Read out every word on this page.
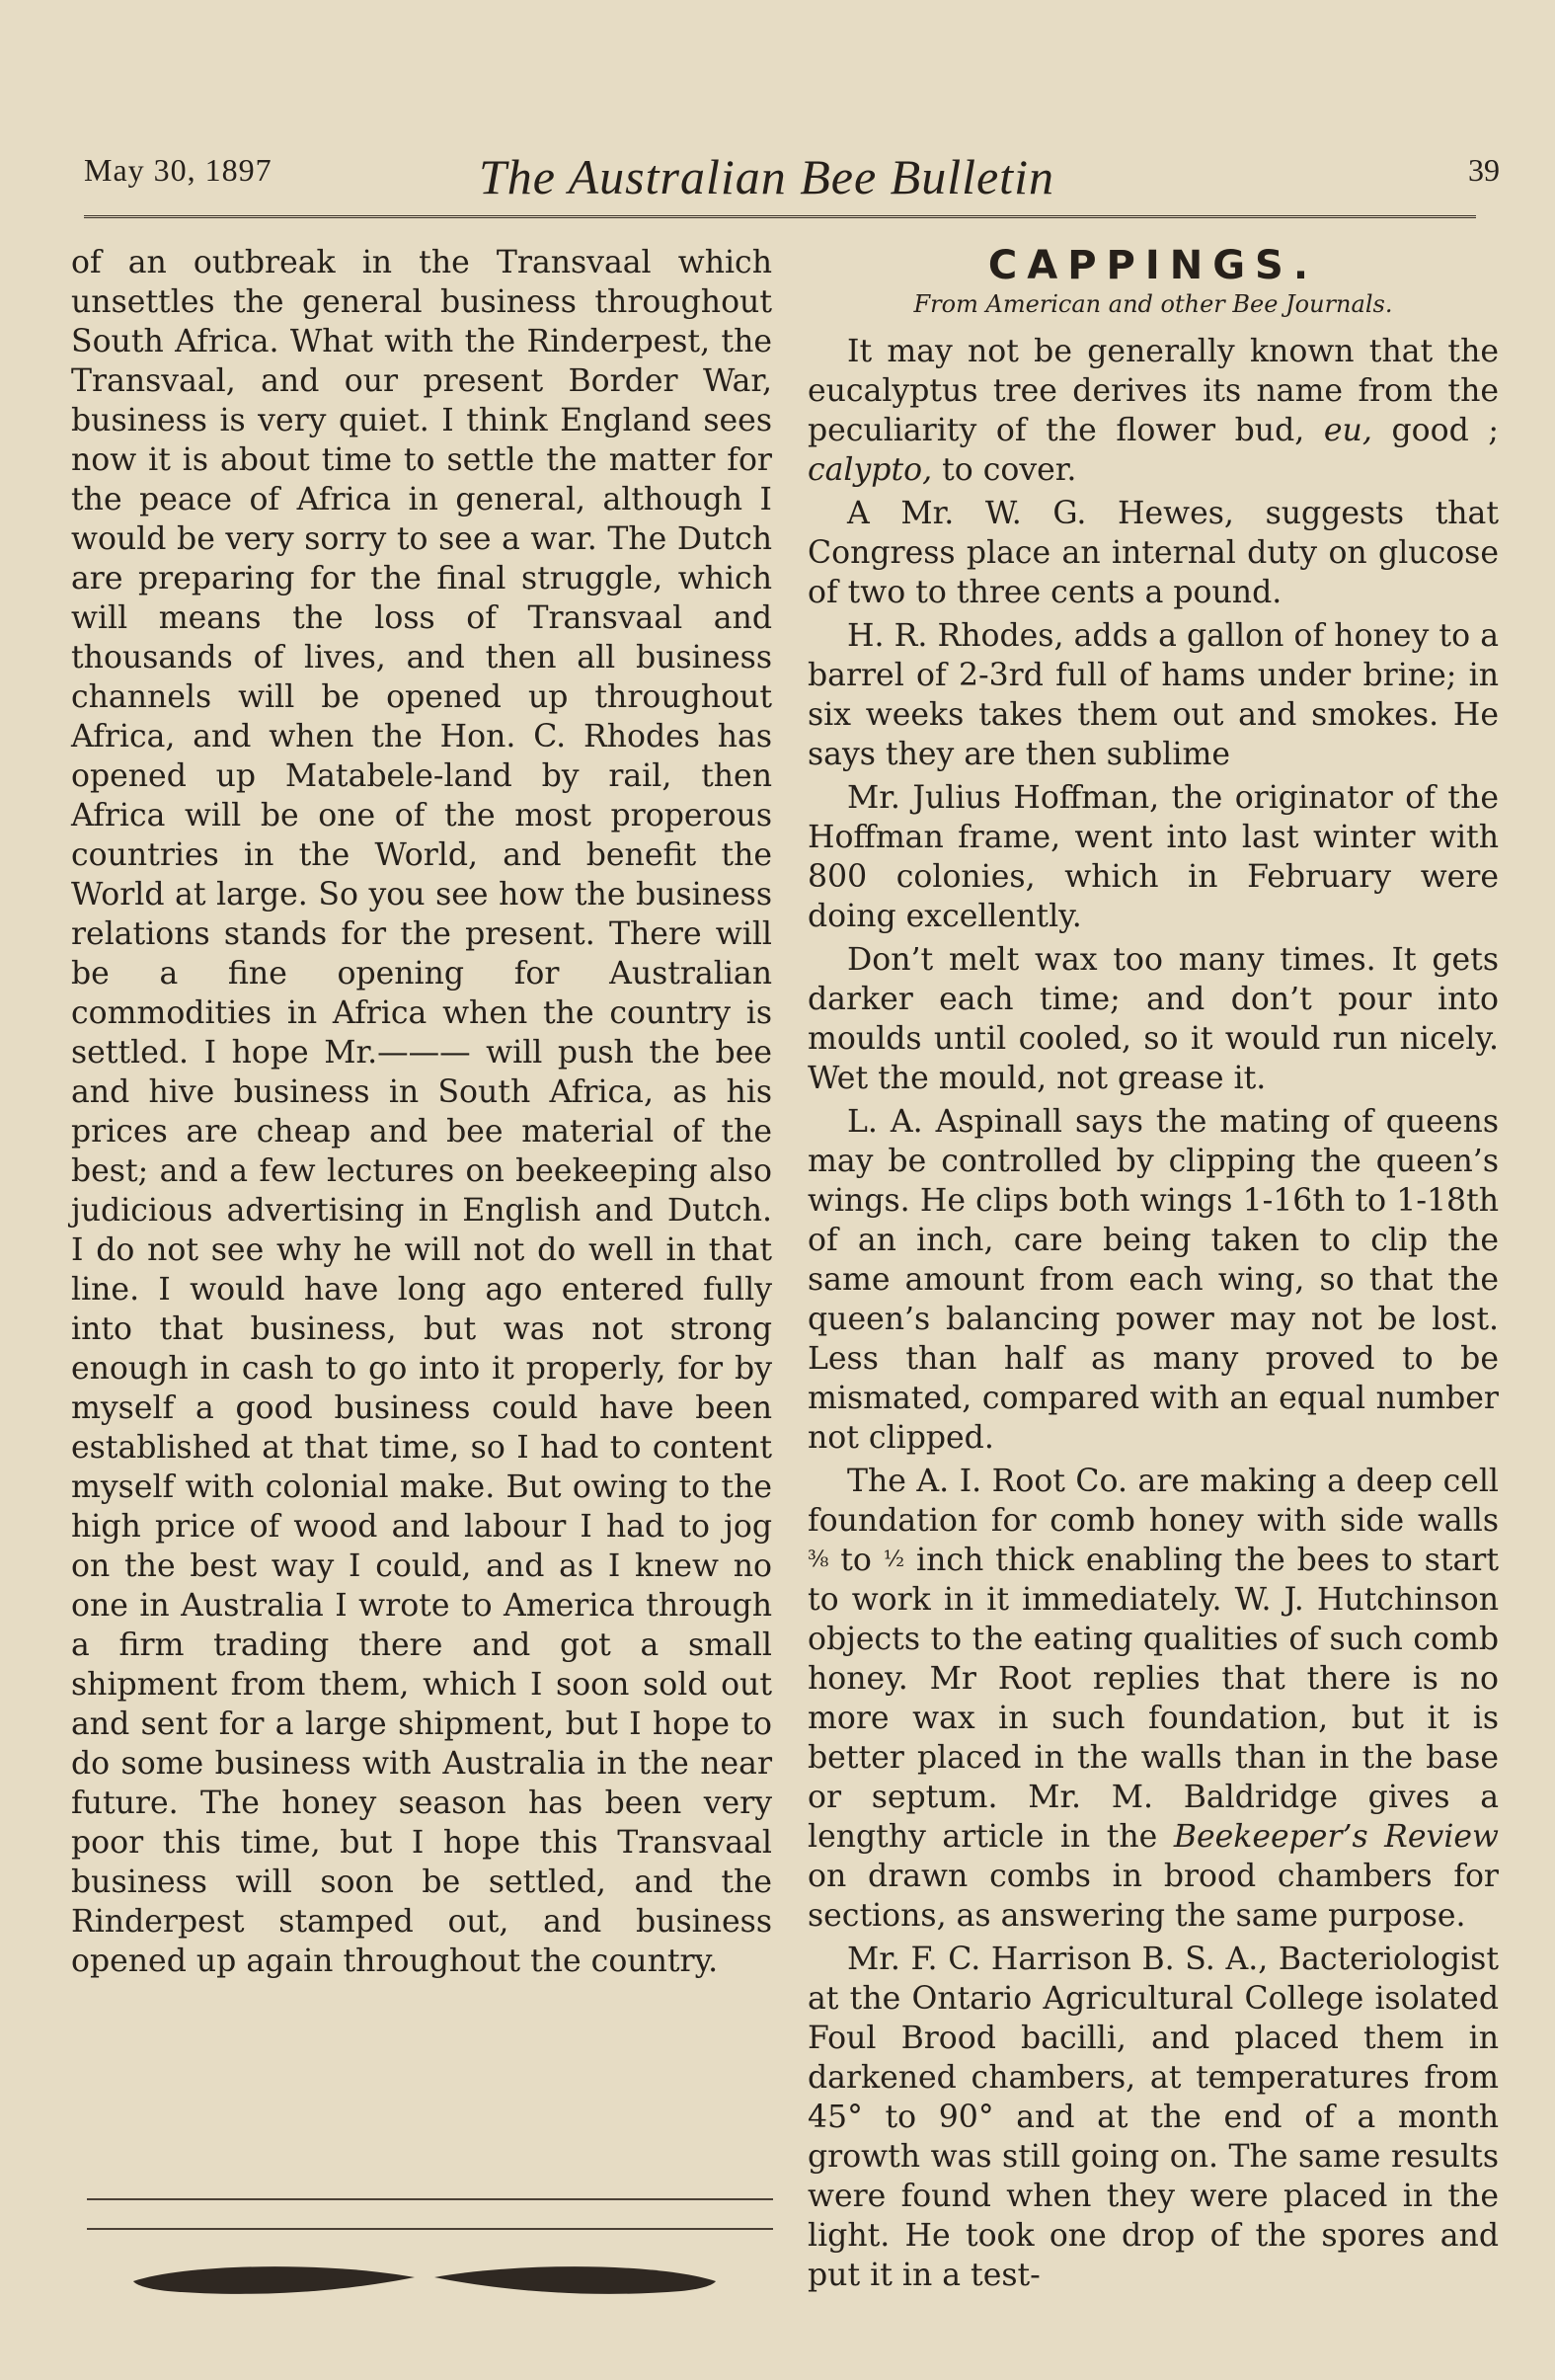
May 30, 1897	The Australian Bee Bulletin	39

of an outbreak in the Transvaal which unsettles the general business throughout South Africa. What with the Rinderpest, the Transvaal, and our present Border War, business is very quiet. I think England sees now it is about time to settle the matter for the peace of Africa in general, although I would be very sorry to see a war. The Dutch are preparing for the final struggle, which will means the loss of Transvaal and thousands of lives, and then all business channels will be opened up throughout Africa, and when the Hon. C. Rhodes has opened up Matabele-land by rail, then Africa will be one of the most properous countries in the World, and benefit the World at large. So you see how the business relations stands for the present. There will be a fine opening for Australian commodities in Africa when the country is settled. I hope Mr.——— will push the bee and hive business in South Africa, as his prices are cheap and bee material of the best; and a few lectures on beekeeping also judicious advertising in English and Dutch. I do not see why he will not do well in that line. I would have long ago entered fully into that business, but was not strong enough in cash to go into it properly, for by myself a good business could have been established at that time, so I had to content myself with colonial make. But owing to the high price of wood and labour I had to jog on the best way I could, and as I knew no one in Australia I wrote to America through a firm trading there and got a small shipment from them, which I soon sold out and sent for a large shipment, but I hope to do some business with Australia in the near future. The honey season has been very poor this time, but I hope this Transvaal business will soon be settled, and the Rinderpest stamped out, and business opened up again throughout the country.

CAPPINGS.
From American and other Bee Journals.

It may not be generally known that the eucalyptus tree derives its name from the peculiarity of the flower bud, eu, good ; calypto, to cover.

A Mr. W. G. Hewes, suggests that Congress place an internal duty on glucose of two to three cents a pound.

H. R. Rhodes, adds a gallon of honey to a barrel of 2-3rd full of hams under brine; in six weeks takes them out and smokes. He says they are then sublime

Mr. Julius Hoffman, the originator of the Hoffman frame, went into last winter with 800 colonies, which in February were doing excellently.

Don’t melt wax too many times. It gets darker each time; and don’t pour into moulds until cooled, so it would run nicely. Wet the mould, not grease it.

L. A. Aspinall says the mating of queens may be controlled by clipping the queen’s wings. He clips both wings 1-16th to 1-18th of an inch, care being taken to clip the same amount from each wing, so that the queen’s balancing power may not be lost. Less than half as many proved to be mismated, compared with an equal number not clipped.

The A. I. Root Co. are making a deep cell foundation for comb honey with side walls ⅜ to ½ inch thick enabling the bees to start to work in it immediately. W. J. Hutchinson objects to the eating qualities of such comb honey. Mr Root replies that there is no more wax in such foundation, but it is better placed in the walls than in the base or septum. Mr. M. Baldridge gives a lengthy article in the Beekeeper’s Review on drawn combs in brood chambers for sections, as answering the same purpose.

Mr. F. C. Harrison B. S. A., Bacteriologist at the Ontario Agricultural College isolated Foul Brood bacilli, and placed them in darkened chambers, at temperatures from 45° to 90° and at the end of a month growth was still going on. The same results were found when they were placed in the light. He took one drop of the spores and put it in a test-
